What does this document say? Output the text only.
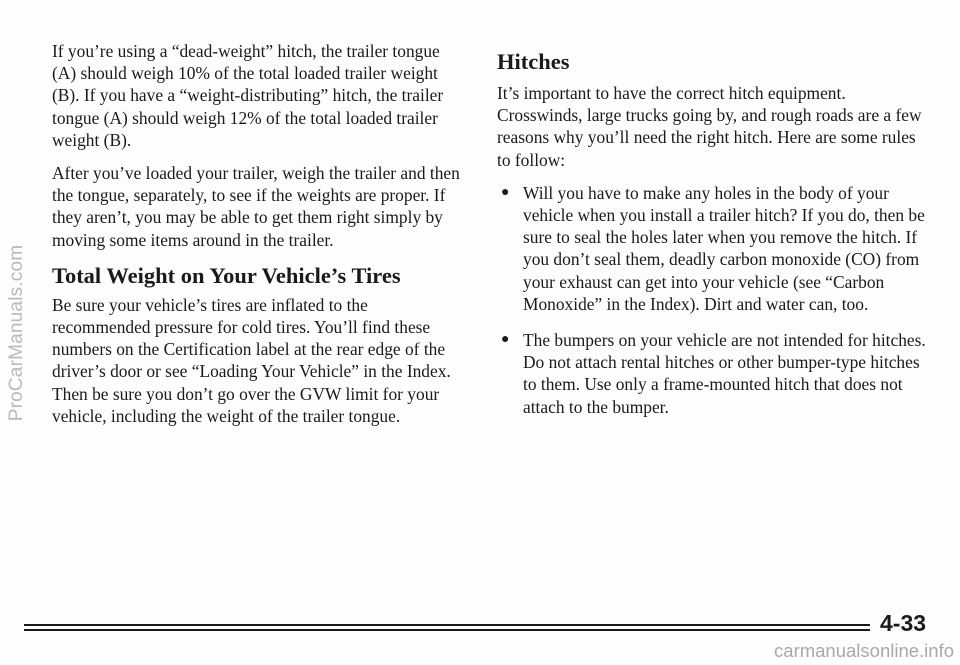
ProCarManuals.com

If you’re using a “dead-weight” hitch, the trailer tongue (A) should weigh 10% of the total loaded trailer weight (B). If you have a “weight-distributing” hitch, the trailer tongue (A) should weigh 12% of the total loaded trailer weight (B).

After you’ve loaded your trailer, weigh the trailer and then the tongue, separately, to see if the weights are proper. If they aren’t, you may be able to get them right simply by moving some items around in the trailer.

Total Weight on Your Vehicle’s Tires

Be sure your vehicle’s tires are inflated to the recommended pressure for cold tires. You’ll find these numbers on the Certification label at the rear edge of the driver’s door or see “Loading Your Vehicle” in the Index. Then be sure you don’t go over the GVW limit for your vehicle, including the weight of the trailer tongue.

Hitches

It’s important to have the correct hitch equipment. Crosswinds, large trucks going by, and rough roads are a few reasons why you’ll need the right hitch. Here are some rules to follow:

● Will you have to make any holes in the body of your vehicle when you install a trailer hitch? If you do, then be sure to seal the holes later when you remove the hitch. If you don’t seal them, deadly carbon monoxide (CO) from your exhaust can get into your vehicle (see “Carbon Monoxide” in the Index). Dirt and water can, too.
● The bumpers on your vehicle are not intended for hitches. Do not attach rental hitches or other bumper-type hitches to them. Use only a frame-mounted hitch that does not attach to the bumper.
4-33
carmanualsonline.info
